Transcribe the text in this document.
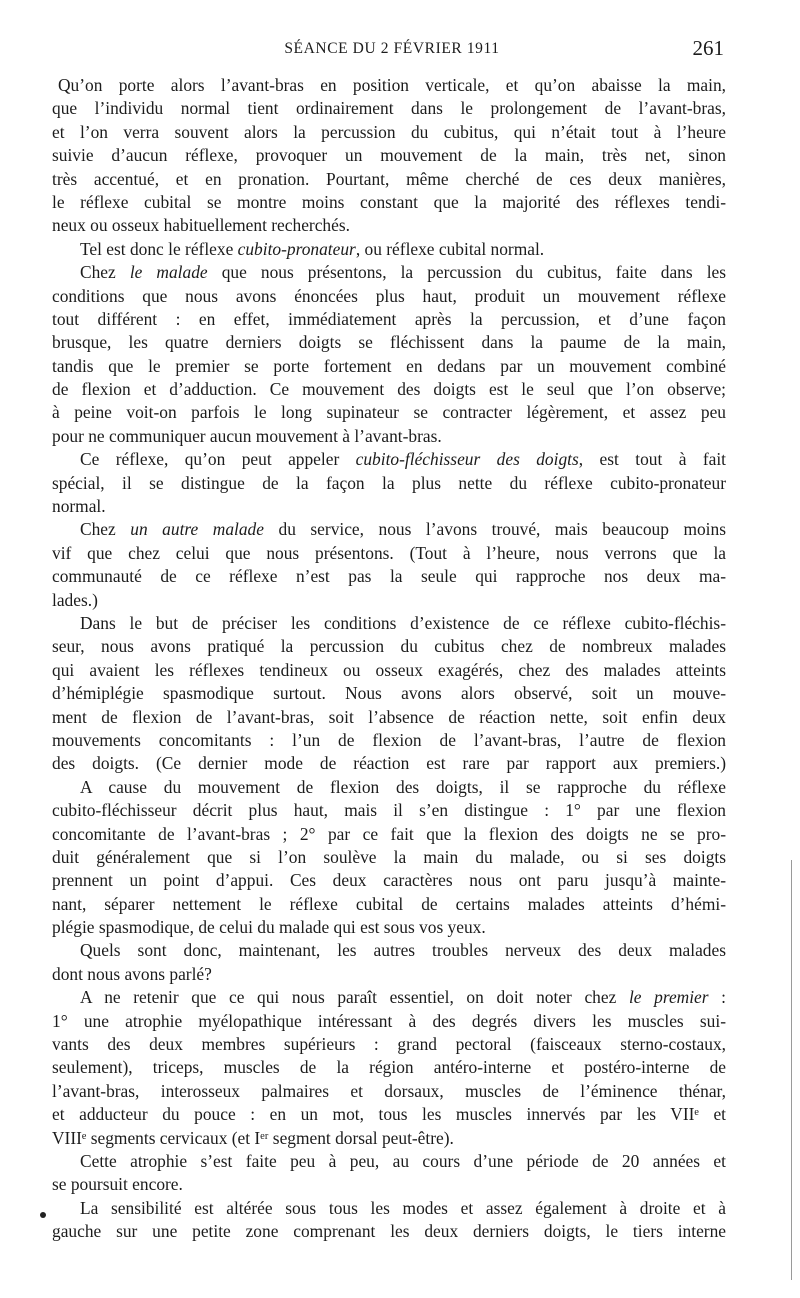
SÉANCE DU 2 FÉVRIER 1911	261
Qu’on porte alors l’avant-bras en position verticale, et qu’on abaisse la main,
que l’individu normal tient ordinairement dans le prolongement de l’avant-bras,
et l’on verra souvent alors la percussion du cubitus, qui n’était tout à l’heure
suivie d’aucun réflexe, provoquer un mouvement de la main, très net, sinon
très accentué, et en pronation. Pourtant, même cherché de ces deux manières,
le réflexe cubital se montre moins constant que la majorité des réflexes tendi-
neux ou osseux habituellement recherchés.
Tel est donc le réflexe cubito-pronateur, ou réflexe cubital normal.
Chez le malade que nous présentons, la percussion du cubitus, faite dans les
conditions que nous avons énoncées plus haut, produit un mouvement réflexe
tout différent : en effet, immédiatement après la percussion, et d’une façon
brusque, les quatre derniers doigts se fléchissent dans la paume de la main,
tandis que le premier se porte fortement en dedans par un mouvement combiné
de flexion et d’adduction. Ce mouvement des doigts est le seul que l’on observe;
à peine voit-on parfois le long supinateur se contracter légèrement, et assez peu
pour ne communiquer aucun mouvement à l’avant-bras.
Ce réflexe, qu’on peut appeler cubito-fléchisseur des doigts, est tout à fait
spécial, il se distingue de la façon la plus nette du réflexe cubito-pronateur
normal.
Chez un autre malade du service, nous l’avons trouvé, mais beaucoup moins
vif que chez celui que nous présentons. (Tout à l’heure, nous verrons que la
communauté de ce réflexe n’est pas la seule qui rapproche nos deux ma-
lades.)
Dans le but de préciser les conditions d’existence de ce réflexe cubito-fléchis-
seur, nous avons pratiqué la percussion du cubitus chez de nombreux malades
qui avaient les réflexes tendineux ou osseux exagérés, chez des malades atteints
d’hémiplégie spasmodique surtout. Nous avons alors observé, soit un mouve-
ment de flexion de l’avant-bras, soit l’absence de réaction nette, soit enfin deux
mouvements concomitants : l’un de flexion de l’avant-bras, l’autre de flexion
des doigts. (Ce dernier mode de réaction est rare par rapport aux premiers.)
A cause du mouvement de flexion des doigts, il se rapproche du réflexe
cubito-fléchisseur décrit plus haut, mais il s’en distingue : 1° par une flexion
concomitante de l’avant-bras ; 2° par ce fait que la flexion des doigts ne se pro-
duit généralement que si l’on soulève la main du malade, ou si ses doigts
prennent un point d’appui. Ces deux caractères nous ont paru jusqu’à mainte-
nant, séparer nettement le réflexe cubital de certains malades atteints d’hémi-
plégie spasmodique, de celui du malade qui est sous vos yeux.
Quels sont donc, maintenant, les autres troubles nerveux des deux malades
dont nous avons parlé?
A ne retenir que ce qui nous paraît essentiel, on doit noter chez le premier :
1° une atrophie myélopathique intéressant à des degrés divers les muscles sui-
vants des deux membres supérieurs : grand pectoral (faisceaux sterno-costaux,
seulement), triceps, muscles de la région antéro-interne et postéro-interne de
l’avant-bras, interosseux palmaires et dorsaux, muscles de l’éminence thénar,
et adducteur du pouce : en un mot, tous les muscles innervés par les VIIᵉ et
VIIIᵉ segments cervicaux (et Iᵉʳ segment dorsal peut-être).
Cette atrophie s’est faite peu à peu, au cours d’une période de 20 années et
se poursuit encore.
La sensibilité est altérée sous tous les modes et assez également à droite et à
gauche sur une petite zone comprenant les deux derniers doigts, le tiers interne
